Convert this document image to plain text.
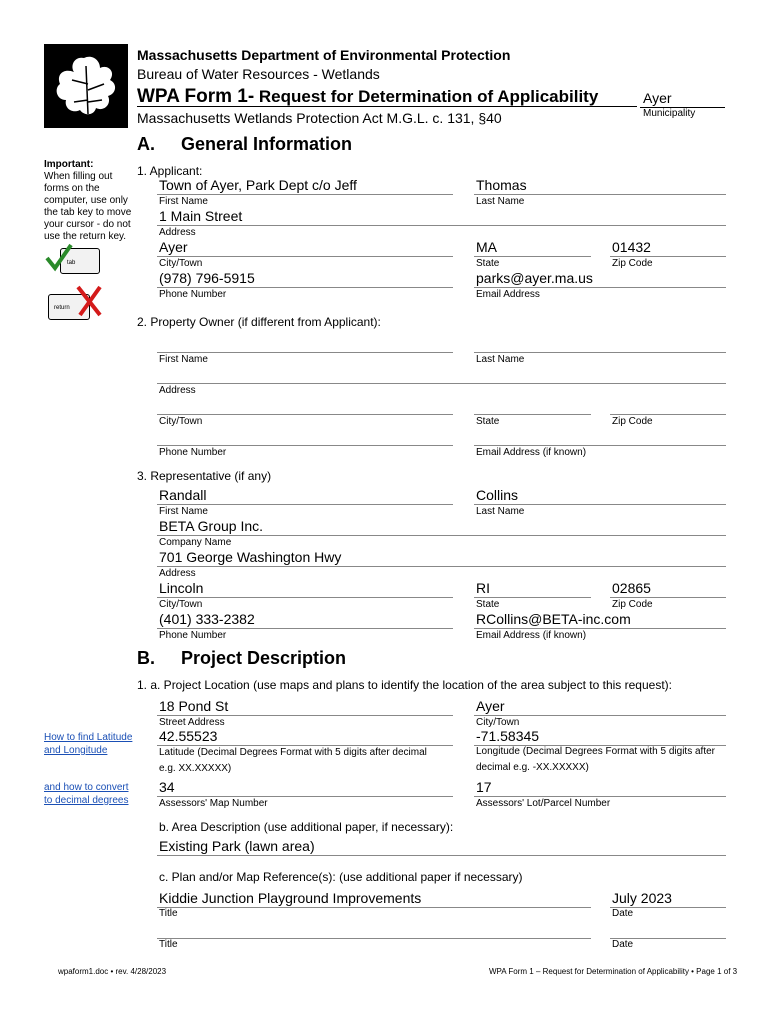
Massachusetts Department of Environmental Protection
Bureau of Water Resources - Wetlands
WPA Form 1- Request for Determination of Applicability
Massachusetts Wetlands Protection Act M.G.L. c. 131, §40
Ayer
Municipality
A. General Information
Important:
When filling out
forms on the
computer, use only
the tab key to move
your cursor - do not
use the return key.
tab
return
1. Applicant:
Town of Ayer, Park Dept c/o Jeff
First Name
Thomas
Last Name
1 Main Street
Address
Ayer
City/Town
MA
State
01432
Zip Code
(978) 796-5915
Phone Number
parks@ayer.ma.us
Email Address
2. Property Owner (if different from Applicant):
First Name	Last Name
Address
City/Town	State	Zip Code
Phone Number	Email Address (if known)
3. Representative (if any)
Randall
First Name
Collins
Last Name
BETA Group Inc.
Company Name
701 George Washington Hwy
Address
Lincoln
City/Town
RI
State
02865
Zip Code
(401) 333-2382
Phone Number
RCollins@BETA-inc.com
Email Address (if known)
B. Project Description
1. a. Project Location (use maps and plans to identify the location of the area subject to this request):
18 Pond St
Street Address
Ayer
City/Town
How to find Latitude
and Longitude
42.55523
Latitude (Decimal Degrees Format with 5 digits after decimal
e.g. XX.XXXXX)
-71.58345
Longitude (Decimal Degrees Format with 5 digits after
decimal e.g. -XX.XXXXX)
and how to convert
to decimal degrees
34
Assessors' Map Number
17
Assessors' Lot/Parcel Number
b. Area Description (use additional paper, if necessary):
Existing Park (lawn area)
c. Plan and/or Map Reference(s): (use additional paper if necessary)
Kiddie Junction Playground Improvements
Title
July 2023
Date
Title	Date
wpaform1.doc • rev. 4/28/2023	WPA Form 1 – Request for Determination of Applicability • Page 1 of 3
